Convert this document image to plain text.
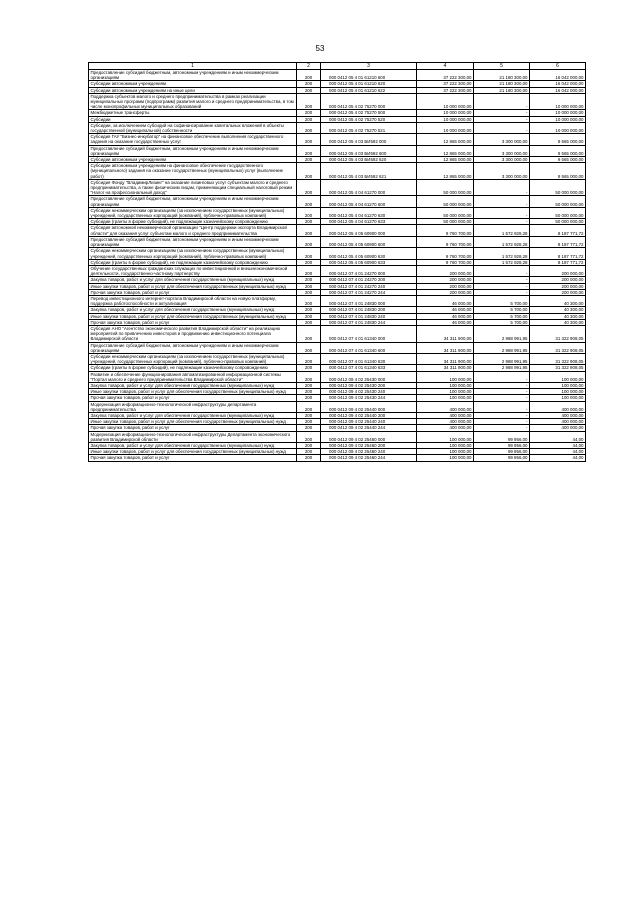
53
1	2	3	4	5	6
Предоставление субсидий бюджетным, автономным учреждениям и иным некоммерческим организациям	200	000 0412 05 4 01 61210 600	37 222 300,00	21 180 300,00	16 042 000,00
Субсидии автономным учреждениям	200	000 0412 05 4 01 61210 620	37 222 300,00	21 180 300,00	16 042 000,00
Субсидии автономным учреждениям на иные цели	200	000 0412 05 4 01 61210 622	37 222 300,00	21 180 300,00	16 042 000,00
Поддержка субъектов малого и среднего предпринимательства в рамках реализации муниципальных программ (подпрограмм) развития малого и среднего предпринимательства, в том числе монопрофильных муниципальных образований	200	000 0412 05 4 02 75270 000	10 000 000,00	-	10 000 000,00
Межбюджетные трансферты	200	000 0412 05 4 02 75270 500	10 000 000,00	-	10 000 000,00
Субсидии	200	000 0412 05 4 02 75270 520	10 000 000,00	-	10 000 000,00
Субсидии, за исключением субсидий на софинансирование капитальных вложений в объекты государственной (муниципальной) собственности	200	000 0412 05 4 02 75270 521	10 000 000,00	-	10 000 000,00
Субсидия ГАУ "Бизнес-инкубатор" на финансовое обеспечение выполнения государственного задания на оказание государственных услуг	200	000 0412 05 4 03 БИ592 000	12 865 000,00	3 300 000,00	9 565 000,00
Предоставление субсидий бюджетным, автономным учреждениям и иным некоммерческим организациям	200	000 0412 05 4 03 БИ592 600	12 865 000,00	3 300 000,00	9 565 000,00
Субсидии автономным учреждениям	200	000 0412 05 4 03 БИ592 620	12 865 000,00	3 300 000,00	9 565 000,00
Субсидии автономным учреждениям на финансовое обеспечение государственного (муниципального) задания на оказание государственных (муниципальных) услуг (выполнение работ)	200	000 0412 05 4 03 БИ592 621	12 865 000,00	3 300 000,00	9 565 000,00
Субсидия Фонду "ВладимирЛизинг" на оказание лизинговых услуг субъектам малого и среднего предпринимательства, а также физическим лицам, применяющим специальный налоговый режим "Налог на профессиональный доход"	200	000 0412 05 4 04 61270 000	50 000 000,00	-	50 000 000,00
Предоставление субсидий бюджетным, автономным учреждениям и иным некоммерческим организациям	200	000 0412 05 4 04 61270 600	50 000 000,00	-	50 000 000,00
Субсидии некоммерческим организациям (за исключением государственных (муниципальных) учреждений, государственных корпораций (компаний), публично-правовых компаний)	200	000 0412 05 4 04 61270 630	50 000 000,00	-	50 000 000,00
Субсидии (гранты в форме субсидий), не подлежащие казначейскому сопровождению	200	000 0412 05 4 04 61270 633	50 000 000,00	-	50 000 000,00
Субсидия автономной некоммерческой организации "Центр поддержки экспорта Владимирской области" для оказания услуг субъектам малого и среднего предпринимательства	200	000 0412 05 4 05 60900 000	9 760 700,00	1 572 928,28	8 187 771,72
Предоставление субсидий бюджетным, автономным учреждениям и иным некоммерческим организациям	200	000 0412 05 4 05 60900 600	9 760 700,00	1 572 928,28	8 187 771,72
Субсидии некоммерческим организациям (за исключением государственных (муниципальных) учреждений, государственных корпораций (компаний), публично-правовых компаний)	200	000 0412 05 4 05 60900 630	9 760 700,00	1 572 928,28	8 187 771,72
Субсидии (гранты в форме субсидий), не подлежащие казначейскому сопровождению	200	000 0412 05 4 05 60900 633	9 760 700,00	1 572 928,28	8 187 771,72
Обучение государственных гражданских служащих по инвестиционной и внешнеэкономической деятельности, государственно-частному партнерству	200	000 0412 07 4 01 24270 000	200 000,00	-	200 000,00
Закупка товаров, работ и услуг для обеспечения государственных (муниципальных) нужд	200	000 0412 07 4 01 24270 200	200 000,00	-	200 000,00
Иные закупки товаров, работ и услуг для обеспечения государственных (муниципальных) нужд	200	000 0412 07 4 01 24270 240	200 000,00	-	200 000,00
Прочая закупка товаров, работ и услуг	200	000 0412 07 4 01 24270 244	200 000,00	-	200 000,00
Перевод инвестиционного интернет-портала Владимирской области на новую платформу, поддержка работоспособности и актуализация	200	000 0412 07 4 01 24830 000	46 000,00	5 700,00	40 300,00
Закупка товаров, работ и услуг для обеспечения государственных (муниципальных) нужд	200	000 0412 07 4 01 24830 200	46 000,00	5 700,00	40 300,00
Иные закупки товаров, работ и услуг для обеспечения государственных (муниципальных) нужд	200	000 0412 07 4 01 24830 240	46 000,00	5 700,00	40 300,00
Прочая закупка товаров, работ и услуг	200	000 0412 07 4 01 24830 244	46 000,00	5 700,00	40 300,00
Субсидия АНО "Агентство экономического развития Владимирской области" на реализацию мероприятий по привлечению инвесторов и продвижению инвестиционного потенциала Владимирской области	200	000 0412 07 4 01 61340 000	34 311 900,00	2 988 991,95	31 322 908,05
Предоставление субсидий бюджетным, автономным учреждениям и иным некоммерческим организациям	200	000 0412 07 4 01 61340 600	34 311 900,00	2 988 991,95	31 322 908,05
Субсидии некоммерческим организациям (за исключением государственных (муниципальных) учреждений, государственных корпораций (компаний), публично-правовых компаний)	200	000 0412 07 4 01 61340 630	34 311 900,00	2 988 991,95	31 322 908,05
Субсидии (гранты в форме субсидий), не подлежащие казначейскому сопровождению	200	000 0412 07 4 01 61340 633	34 311 900,00	2 988 991,95	31 322 908,05
Развитие и обеспечение функционирования автоматизированной информационной системы "Портал малого и среднего предпринимательства Владимирской области"	200	000 0412 09 4 02 25430 000	100 000,00	-	100 000,00
Закупка товаров, работ и услуг для обеспечения государственных (муниципальных) нужд	200	000 0412 09 4 02 25430 200	100 000,00	-	100 000,00
Иные закупки товаров, работ и услуг для обеспечения государственных (муниципальных) нужд	200	000 0412 09 4 02 25430 240	100 000,00	-	100 000,00
Прочая закупка товаров, работ и услуг	200	000 0412 09 4 02 25430 244	100 000,00	-	100 000,00
Модернизация информационно-технологической инфраструктуры департамента предпринимательства	200	000 0412 09 4 02 25440 000	400 000,00	-	400 000,00
Закупка товаров, работ и услуг для обеспечения государственных (муниципальных) нужд	200	000 0412 09 4 02 25440 200	400 000,00	-	400 000,00
Иные закупки товаров, работ и услуг для обеспечения государственных (муниципальных) нужд	200	000 0412 09 4 02 25440 240	400 000,00	-	400 000,00
Прочая закупка товаров, работ и услуг	200	000 0412 09 4 02 25440 244	400 000,00	-	400 000,00
Модернизация информационно-технологической инфраструктуры Департамента экономического развития Владимирской области	200	000 0412 09 4 02 25460 000	100 000,00	99 956,00	44,00
Закупка товаров, работ и услуг для обеспечения государственных (муниципальных) нужд	200	000 0412 09 4 02 25460 200	100 000,00	99 956,00	44,00
Иные закупки товаров, работ и услуг для обеспечения государственных (муниципальных) нужд	200	000 0412 09 4 02 25460 240	100 000,00	99 956,00	44,00
Прочая закупка товаров, работ и услуг	200	000 0412 09 4 02 25460 244	100 000,00	99 956,00	44,00
